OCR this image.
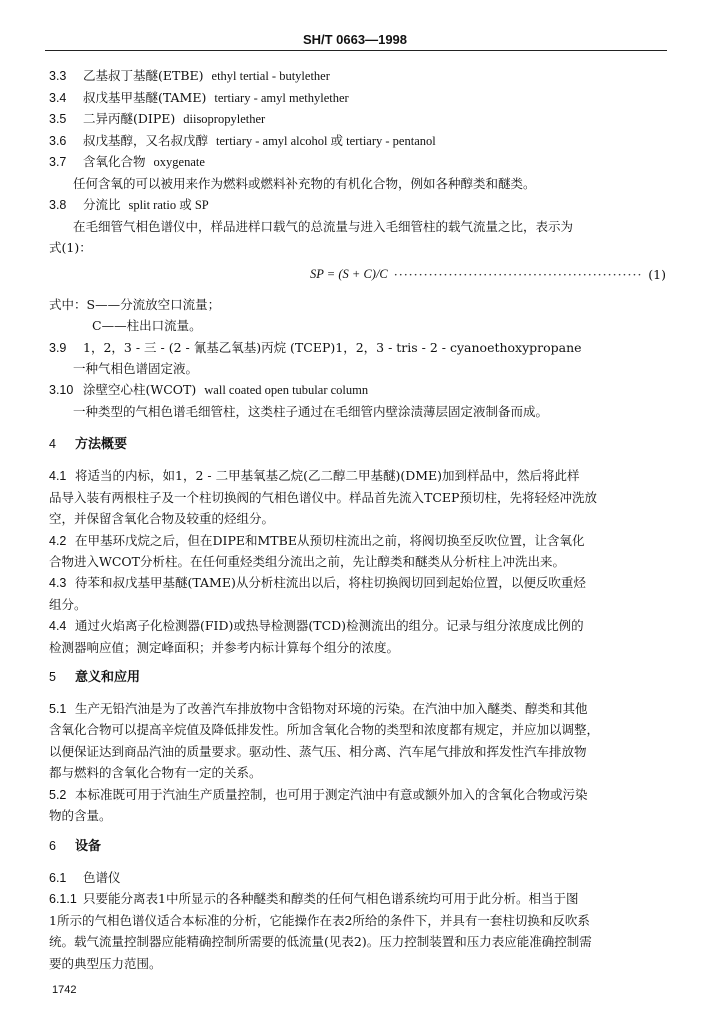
SH/T 0663—1998
3.3 乙基叔丁基醚(ETBE) ethyl tertial - butylether
3.4 叔戊基甲基醚(TAME) tertiary - amyl methylether
3.5 二异丙醚(DIPE) diisopropylether
3.6 叔戊基醇，又名叔戊醇 tertiary - amyl alcohol 或 tertiary - pentanol
3.7 含氧化合物 oxygenate
任何含氧的可以被用来作为燃料或燃料补充物的有机化合物，例如各种醇类和醚类。
3.8 分流比 split ratio 或 SP
在毛细管气相色谱仪中，样品进样口载气的总流量与进入毛细管柱的载气流量之比，表示为
式(1)：
SP = (S + C)/C
·····	(1)
式中：S——分流放空口流量；
C——柱出口流量。
3.9 1，2，3 - 三 - (2 - 氰基乙氧基)丙烷 (TCEP)1，2，3 - tris - 2 - cyanoethoxypropane
一种气相色谱固定液。
3.10 涂壁空心柱(WCOT) wall coated open tubular column
一种类型的气相色谱毛细管柱，这类柱子通过在毛细管内壁涂渍薄层固定液制备而成。
4 方法概要
4.1 将适当的内标，如1，2 - 二甲基氧基乙烷(乙二醇二甲基醚)(DME)加到样品中，然后将此样
品导入装有两根柱子及一个柱切换阀的气相色谱仪中。样品首先流入TCEP预切柱，先将轻烃冲洗放
空，并保留含氧化合物及较重的烃组分。
4.2 在甲基环戊烷之后，但在DIPE和MTBE从预切柱流出之前，将阀切换至反吹位置，让含氧化
合物进入WCOT分析柱。在任何重烃类组分流出之前，先让醇类和醚类从分析柱上冲洗出来。
4.3 待苯和叔戊基甲基醚(TAME)从分析柱流出以后，将柱切换阀切回到起始位置，以便反吹重烃
组分。
4.4 通过火焰离子化检测器(FID)或热导检测器(TCD)检测流出的组分。记录与组分浓度成比例的
检测器响应值；测定峰面积；并参考内标计算每个组分的浓度。
5 意义和应用
5.1 生产无铅汽油是为了改善汽车排放物中含铅物对环境的污染。在汽油中加入醚类、醇类和其他
含氧化合物可以提高辛烷值及降低排发性。所加含氧化合物的类型和浓度都有规定，并应加以调整，
以便保证达到商品汽油的质量要求。驱动性、蒸气压、相分离、汽车尾气排放和挥发性汽车排放物
都与燃料的含氧化合物有一定的关系。
5.2 本标准既可用于汽油生产质量控制，也可用于测定汽油中有意或额外加入的含氧化合物或污染
物的含量。
6 设备
6.1 色谱仪
6.1.1 只要能分离表1中所显示的各种醚类和醇类的任何气相色谱系统均可用于此分析。相当于图
1所示的气相色谱仪适合本标准的分析，它能操作在表2所给的条件下，并具有一套柱切换和反吹系
统。载气流量控制器应能精确控制所需要的低流量(见表2)。压力控制装置和压力表应能准确控制需
要的典型压力范围。
1742
